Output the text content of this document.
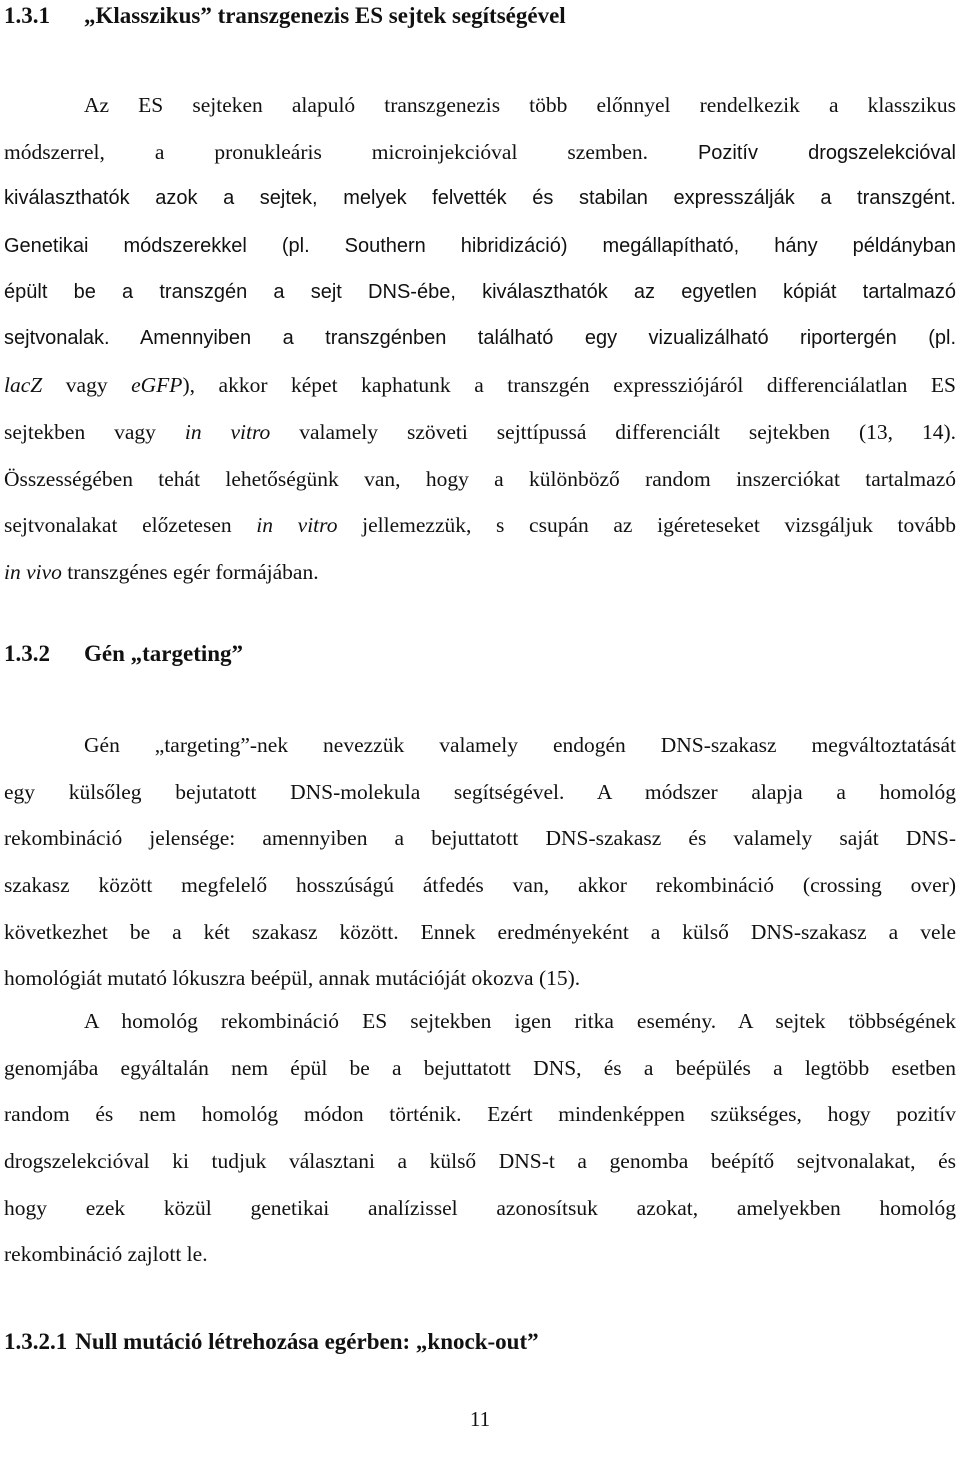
1.3.1 „Klasszikus” transzgenezis ES sejtek segítségével
Az ES sejteken alapuló transzgenezis több előnnyel rendelkezik a klasszikus
módszerrel, a pronukleáris microinjekcióval szemben. Pozitív drogszelekcióval
kiválaszthatók azok a sejtek, melyek felvették és stabilan expresszálják a transzgént.
Genetikai módszerekkel (pl. Southern hibridizáció) megállapítható, hány példányban
épült be a transzgén a sejt DNS-ébe, kiválaszthatók az egyetlen kópiát tartalmazó
sejtvonalak. Amennyiben a transzgénben található egy vizualizálható riportergén (pl.
lacZ vagy eGFP), akkor képet kaphatunk a transzgén expressziójáról differenciálatlan ES
sejtekben vagy in vitro valamely szöveti sejttípussá differenciált sejtekben (13, 14).
Összességében tehát lehetőségünk van, hogy a különböző random inszerciókat tartalmazó
sejtvonalakat előzetesen in vitro jellemezzük, s csupán az igéreteseket vizsgáljuk tovább
in vivo transzgénes egér formájában.
1.3.2 Gén „targeting”
Gén „targeting”-nek nevezzük valamely endogén DNS-szakasz megváltoztatását
egy külsőleg bejutatott DNS-molekula segítségével. A módszer alapja a homológ
rekombináció jelensége: amennyiben a bejuttatott DNS-szakasz és valamely saját DNS-
szakasz között megfelelő hosszúságú átfedés van, akkor rekombináció (crossing over)
következhet be a két szakasz között. Ennek eredményeként a külső DNS-szakasz a vele
homológiát mutató lókuszra beépül, annak mutációját okozva (15).
A homológ rekombináció ES sejtekben igen ritka esemény. A sejtek többségének
genomjába egyáltalán nem épül be a bejuttatott DNS, és a beépülés a legtöbb esetben
random és nem homológ módon történik. Ezért mindenképpen szükséges, hogy pozitív
drogszelekcióval ki tudjuk választani a külső DNS-t a genomba beépítő sejtvonalakat, és
hogy ezek közül genetikai analízissel azonosítsuk azokat, amelyekben homológ
rekombináció zajlott le.
1.3.2.1 Null mutáció létrehozása egérben: „knock-out”
11
